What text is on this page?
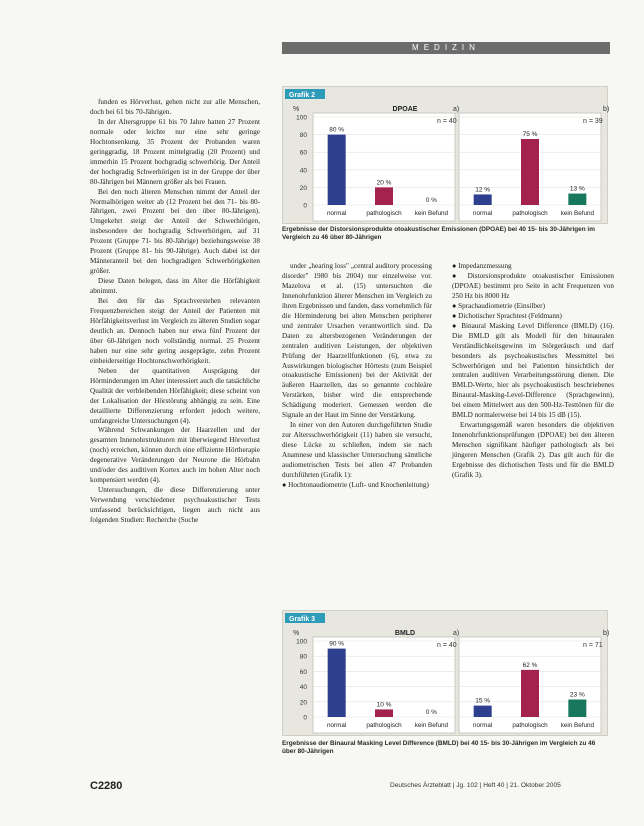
MEDIZIN

funden es Hörverlust, gehen nicht zur alle Menschen, doch bei 61 bis 70-Jährigen.

In der Altersgruppe 61 bis 70 Jahre hatten 27 Prozent normale oder leichte nur eine sehr geringe Hochtonsenkung. 35 Prozent der Probanden waren geringgradig, 18 Prozent mittelgradig (20 Prozent) und immerhin 15 Prozent hochgradig schwerhörig. Der Anteil der hochgradig Schwerhörigen ist in der Gruppe der über 80-Jährigen bei Männern größer als bei Frauen.

Bei den noch älteren Menschen nimmt der Anteil der Normalhörigen weiter ab (12 Prozent bei den 71- bis 80-Jährigen, zwei Prozent bei den über 80-Jährigen). Umgekehrt steigt der Anteil der Schwerhörigen, insbesondere der hochgradig Schwerhörigen, auf 31 Prozent (Gruppe 71- bis 80-Jährige) beziehungsweise 38 Prozent (Gruppe 81- bis 90-Jährige). Auch dabei ist der Männeranteil bei den hochgradigen Schwerhörigkeiten größer.

Diese Daten belegen, dass im Alter die Hörfähigkeit abnimmt.

Bei den für das Sprachverstehen relevanten Frequenzbereichen steigt der Anteil der Patienten mit Hörfähigkeitsverlust im Vergleich zu älteren Studien sogar deutlich an. Dennoch haben nur etwa fünf Prozent der über 60-Jährigen noch vollständig normal. 25 Prozent haben nur eine sehr gering ausgeprägte, zehn Prozent einbeiderseitige Hochtonschwerhörigkeit.

Neben der quantitativen Ausprägung der Hörminderungen im Alter interessiert auch die tatsächliche Qualität der verbleibenden Hörfähigkeit; diese scheint von der Lokalisation der Hörstörung abhängig zu sein. Eine detaillierte Differenzierung erfordert jedoch weitere, umfangreiche Untersuchungen (4).

Während Schwankungen der Haarzellen und der gesamten Innenohrstrukturen mit überwiegend Hörverlust (noch) erreichen, können durch eine effiziente Hörtherapie degenerative Veränderungen der Neurone die Hörbahn und/oder des auditiven Kortex auch im hohen Alter noch kompensiert werden (4).

Untersuchungen, die diese Differenzierung unter Verwendung verschiedener psychoakustischer Tests umfassend berücksichtigen, liegen auch nicht aus folgenden Studien: Recherche (Suche

under „hearing loss" „central auditory processing disorder" 1980 bis 2004) nur einzelweise vor. Mazelova et al. (15) untersuchten die Innenohrfunktion älterer Menschen im Vergleich zu ihren Ergebnissen und fanden, dass vornehmlich für die Hörminderung bei alten Menschen peripherer und zentraler Ursachen verantwortlich sind. Da Daten zu altersbezogenen Veränderungen der zentralen auditiven Leistungen, der objektiven Prüfung der Haarzellfunktionen (6), etwa zu Auswirkungen biologischer Hörtests (zum Beispiel otoakustische Emissionen) bei der Aktivität der äußeren Haarzellen, das so genannte cochleäre Verstärken, bisher wird die entsprechende Schädigung moderiert. Gemessen werden die Signale an der Haut im Sinne der Verstärkung.

In einer von den Autoren durchgeführten Studie zur Altersschwerhörigkeit (11) haben sie versucht, diese Lücke zu schließen, indem sie nach Anamnese und klassischer Untersuchung sämtliche audiometrischen Tests bei allen 47 Probanden durchführten (Grafik 1):

● Hochtonaudiometrie (Luft- und Knochenleitung)

● Impedanzmessung

● Distorsionsprodukte otoakustischer Emissionen (DPOAE) bestimmt pro Seite in acht Frequenzen von 250 Hz bis 8000 Hz

● Sprachaudiometrie (Einsilber)

● Dichotischer Sprachtest (Feldmann)

● Binaural Masking Level Difference (BMLD) (16). Die BMLD gilt als Modell für den binauralen Verständlichkeitsgewinn im Störgeräusch und darf besonders als psychoakustisches Messmittel bei Schwerhörigen und bei Patienten hinsichtlich der zentralen auditiven Verarbeitungsstörung dienen. Die BMLD-Werte, hier als psychoakustisch beschriebenes Binaural-Masking-Level-Difference (Sprachgewinn), bei einem Mittelwert aus den 500-Hz-Testtönen für die BMLD normalerweise bei 14 bis 15 dB (15).

Erwartungsgemäß waren besonders die objektiven Innenohrfunktionsprüfungen (DPOAE) bei den älteren Menschen signifikant häufiger pathologisch als bei jüngeren Menschen (Grafik 2). Das gilt auch für die Ergebnisse des dichotischen Tests und für die BMLD (Grafik 3).

Grafik 2
%	DPOAE
0
20
40
60
80
100	n = 40
a)
80 %
normal
20 %
pathologisch
0 %
kein Befund
n = 39
b)
12 %
normal
75 %
pathologisch
13 %
kein Befund
Ergebnisse der Distorsionsprodukte otoakustischer Emissionen (DPOAE) bei 40 15- bis 30-Jährigen im Vergleich zu 46 über 80-Jährigen
Grafik 3
%	BMLD
0
20
40
60
80
100	n = 40
a)
90 %
normal
10 %
pathologisch
0 %
kein Befund
n = 71
b)
15 %
normal
62 %
pathologisch
23 %
kein Befund
Ergebnisse der Binaural Masking Level Difference (BMLD) bei 40 15- bis 30-Jährigen im Vergleich zu 46 über 80-Jährigen
C2280	Deutsches Ärzteblatt | Jg. 102 | Heft 40 | 21. Oktober 2005
